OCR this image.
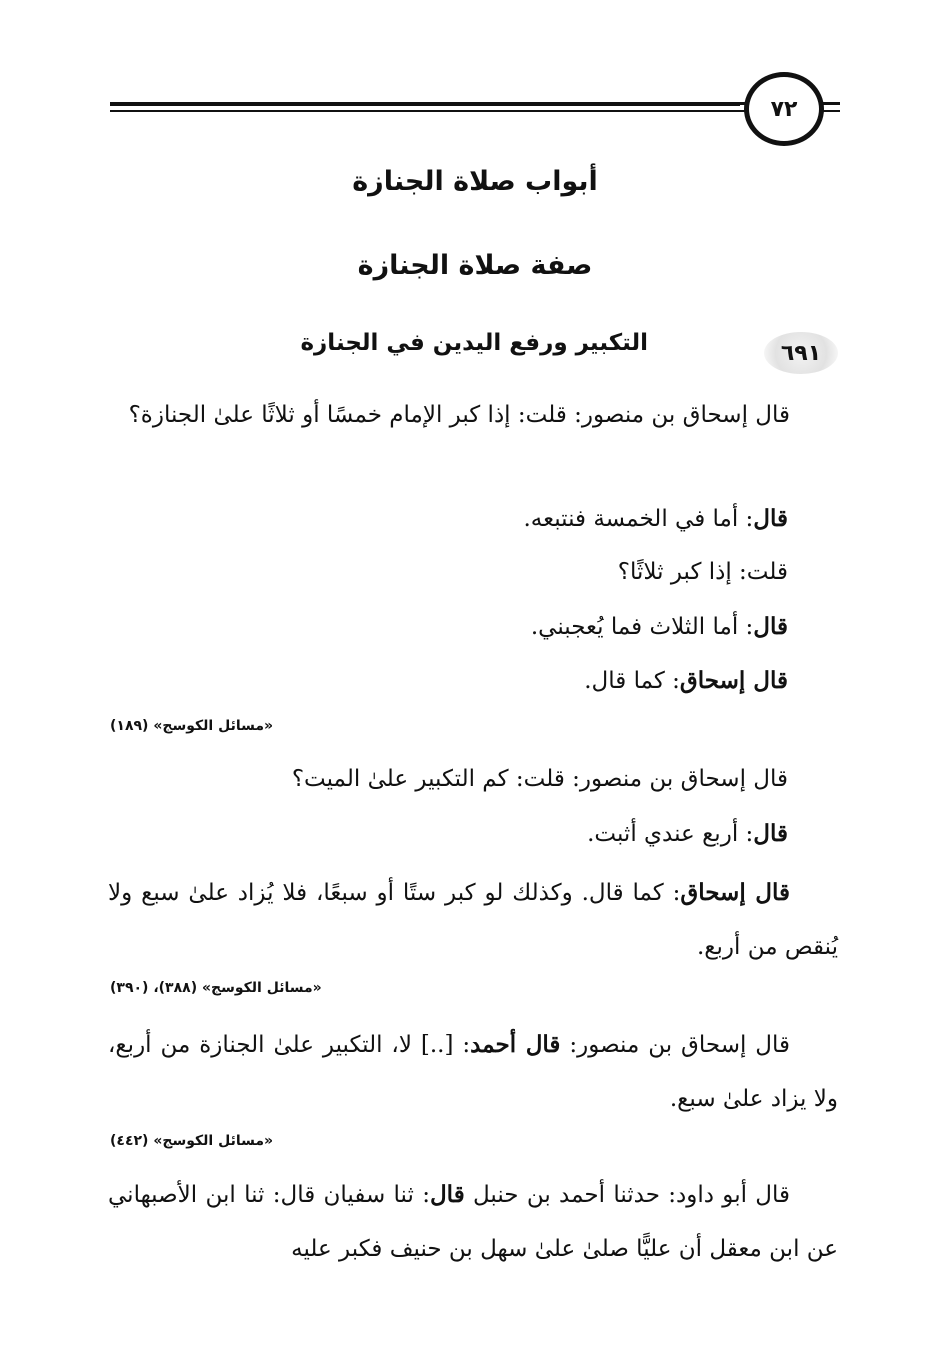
٧٢
أبواب صلاة الجنازة
صفة صلاة الجنازة
٦٩١
التكبير ورفع اليدين في الجنازة

قال إسحاق بن منصور: قلت: إذا كبر الإمام خمسًا أو ثلاثًا علىٰ الجنازة؟

قال: أما في الخمسة فنتبعه.
قلت: إذا كبر ثلاثًا؟
قال: أما الثلاث فما يُعجبني.
قال إسحاق: كما قال.
«مسائل الكوسج» (١٨٩)
قال إسحاق بن منصور: قلت: كم التكبير علىٰ الميت؟
قال: أربع عندي أثبت.

قال إسحاق: كما قال. وكذلك لو كبر ستًا أو سبعًا، فلا يُزاد علىٰ سبع ولا يُنقص من أربع.

«مسائل الكوسج» (٣٨٨)، (٣٩٠)

قال إسحاق بن منصور: قال أحمد: [..] لا، التكبير علىٰ الجنازة من أربع، ولا يزاد علىٰ سبع.

«مسائل الكوسج» (٤٤٢)

قال أبو داود: حدثنا أحمد بن حنبل قال: ثنا سفيان قال: ثنا ابن الأصبهاني عن ابن معقل أن عليًّا صلىٰ علىٰ سهل بن حنيف فكبر عليه
